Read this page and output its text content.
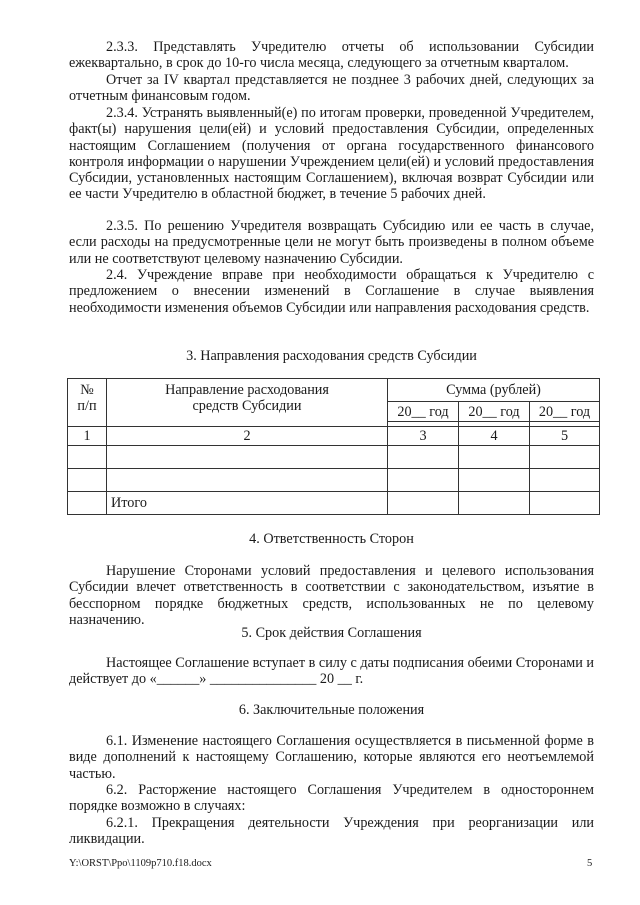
2.3.3. Представлять Учредителю отчеты об использовании Субсидии ежеквартально, в срок до 10-го числа месяца, следующего за отчетным кварталом.

Отчет за IV квартал представляется не позднее 3 рабочих дней, следующих за отчетным финансовым годом.

2.3.4. Устранять выявленный(е) по итогам проверки, проведенной Учредителем, факт(ы) нарушения цели(ей) и условий предоставления Субсидии, определенных настоящим Соглашением (получения от органа государственного финансового контроля информации о нарушении Учреждением цели(ей) и условий предоставления Субсидии, установленных настоящим Соглашением), включая возврат Субсидии или ее части Учредителю в областной бюджет, в течение 5 рабочих дней.

2.3.5. По решению Учредителя возвращать Субсидию или ее часть в случае, если расходы на предусмотренные цели не могут быть произведены в полном объеме или не соответствуют целевому назначению Субсидии.

2.4. Учреждение вправе при необходимости обращаться к Учредителю с предложением о внесении изменений в Соглашение в случае выявления необходимости изменения объемов Субсидии или направления расходования средств.

3. Направления расходования средств Субсидии

№
п/п	Направление расходования средств Субсидии	Сумма (рублей)		
		20__ год	20__ год	20__ год

1	2	3	4	5

	Итого			

4. Ответственность Сторон

Нарушение Сторонами условий предоставления и целевого использования Субсидии влечет ответственность в соответствии с законодательством, изъятие в бесспорном порядке бюджетных средств, использованных не по целевому назначению.

5. Срок действия Соглашения

Настоящее Соглашение вступает в силу с даты подписания обеими Сторонами и действует до «______» _______________ 20 __ г.

6. Заключительные положения

6.1. Изменение настоящего Соглашения осуществляется в письменной форме в виде дополнений к настоящему Соглашению, которые являются его неотъемлемой частью.

6.2. Расторжение настоящего Соглашения Учредителем в одностороннем порядке возможно в случаях:

6.2.1. Прекращения деятельности Учреждения при реорганизации или ликвидации.

Y:\ORST\Ppo\1109p710.f18.docx	5
